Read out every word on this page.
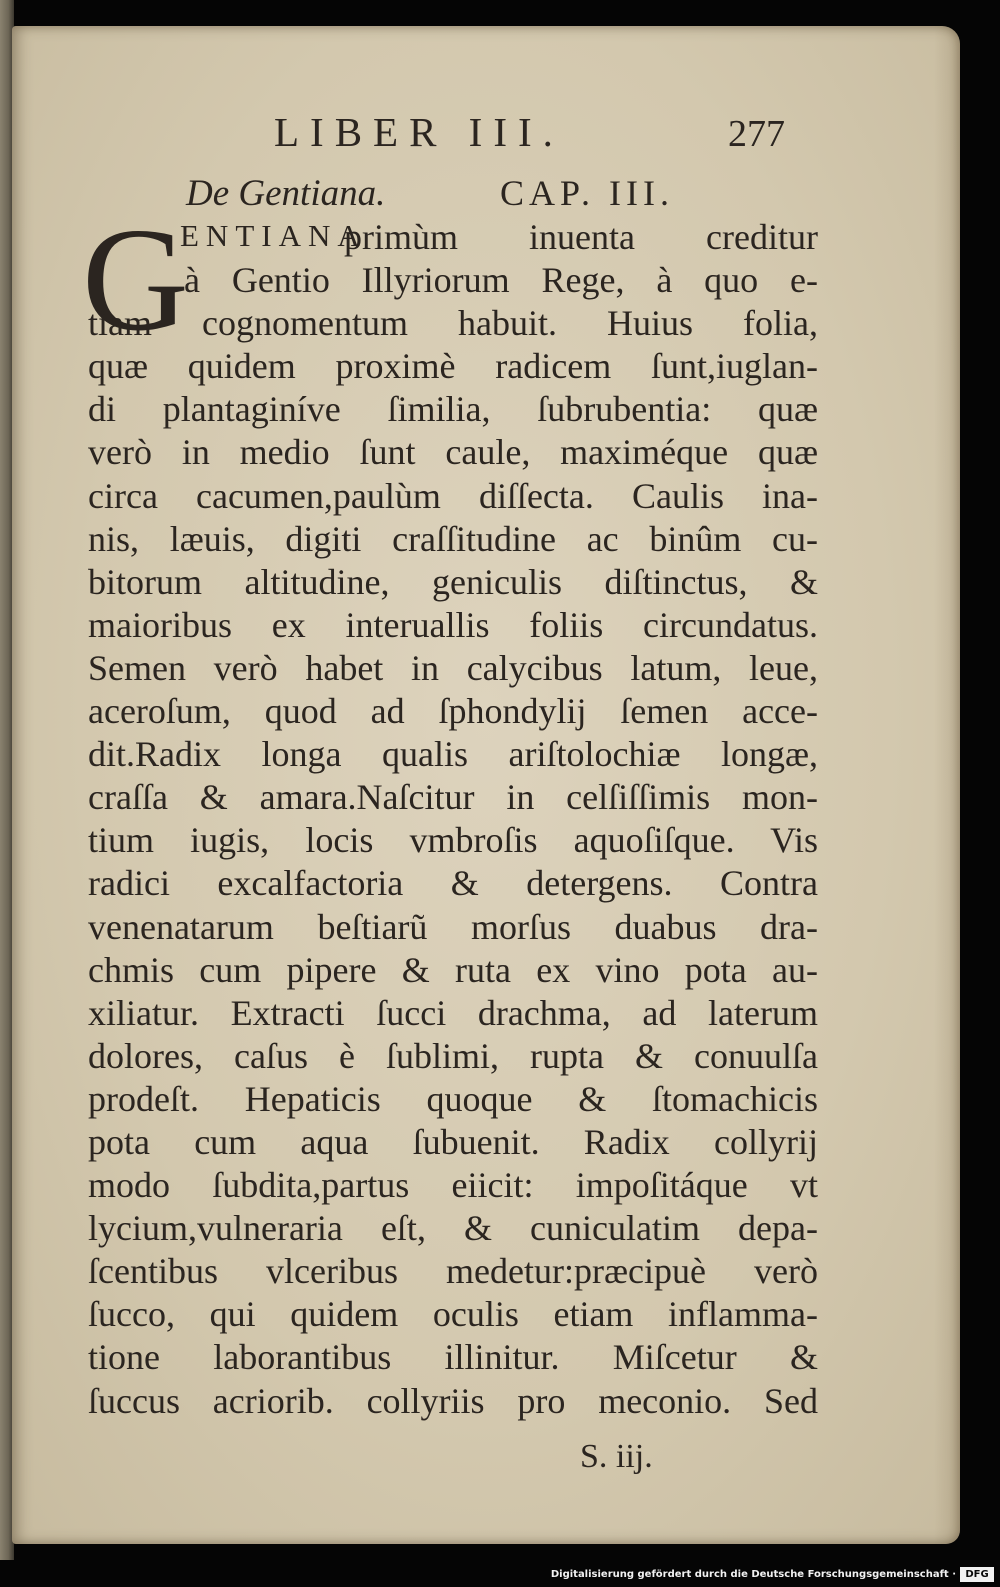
LIBER III.	277
De Gentiana.	CAP. III.
G
ENTIANA
primùm inuenta creditur
à Gentio Illyriorum Rege, à quo e-
tiam cognomentum habuit. Huius folia,
quæ quidem proximè radicem ſunt,iuglan-
di plantaginíve ſimilia, ſubrubentia: quæ
verò in medio ſunt caule, maximéque quæ
circa cacumen,paulùm diſſecta. Caulis ina-
nis, læuis, digiti craſſitudine ac binûm cu-
bitorum altitudine, geniculis diſtinctus, &
maioribus ex interuallis foliis circundatus.
Semen verò habet in calycibus latum, leue,
aceroſum, quod ad ſphondylij ſemen acce-
dit.Radix longa qualis ariſtolochiæ longæ,
craſſa & amara.Naſcitur in celſiſſimis mon-
tium iugis, locis vmbroſis aquoſiſque. Vis
radici excalfactoria & detergens. Contra
venenatarum beſtiarũ morſus duabus dra-
chmis cum pipere & ruta ex vino pota au-
xiliatur. Extracti ſucci drachma, ad laterum
dolores, caſus è ſublimi, rupta & conuulſa
prodeſt. Hepaticis quoque & ſtomachicis
pota cum aqua ſubuenit. Radix collyrij
modo ſubdita,partus eiicit: impoſitáque vt
lycium,vulneraria eſt, & cuniculatim depa-
ſcentibus vlceribus medetur:præcipuè verò
ſucco, qui quidem oculis etiam inflamma-
tione laborantibus illinitur. Miſcetur &
ſuccus acriorib. collyriis pro meconio. Sed
S. iij.
Digitalisierung gefördert durch die Deutsche Forschungsgemeinschaft · DFG
